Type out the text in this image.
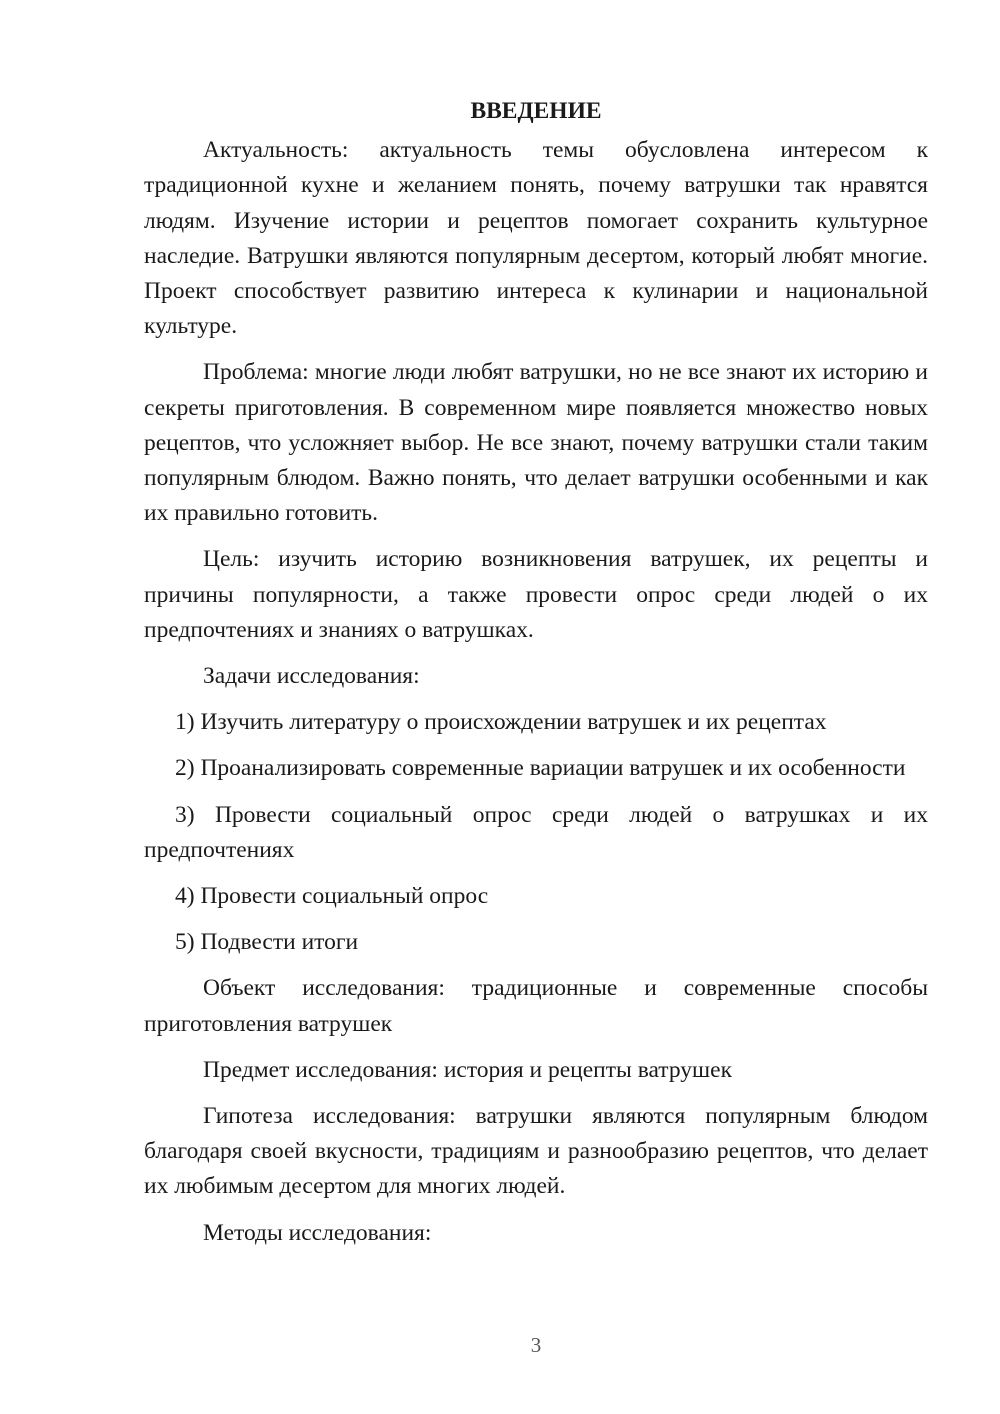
ВВЕДЕНИЕ

Актуальность: актуальность темы обусловлена интересом к традиционной кухне и желанием понять, почему ватрушки так нравятся людям. Изучение истории и рецептов помогает сохранить культурное наследие. Ватрушки являются популярным десертом, который любят многие. Проект способствует развитию интереса к кулинарии и национальной культуре.

Проблема: многие люди любят ватрушки, но не все знают их историю и секреты приготовления. В современном мире появляется множество новых рецептов, что усложняет выбор. Не все знают, почему ватрушки стали таким популярным блюдом. Важно понять, что делает ватрушки особенными и как их правильно готовить.

Цель: изучить историю возникновения ватрушек, их рецепты и причины популярности, а также провести опрос среди людей о их предпочтениях и знаниях о ватрушках.

Задачи исследования:

1) Изучить литературу о происхождении ватрушек и их рецептах

2) Проанализировать современные вариации ватрушек и их особенности

3) Провести социальный опрос среди людей о ватрушках и их предпочтениях

4) Провести социальный опрос

5) Подвести итоги

Объект исследования: традиционные и современные способы приготовления ватрушек

Предмет исследования: история и рецепты ватрушек

Гипотеза исследования: ватрушки являются популярным блюдом благодаря своей вкусности, традициям и разнообразию рецептов, что делает их любимым десертом для многих людей.

Методы исследования:

3
